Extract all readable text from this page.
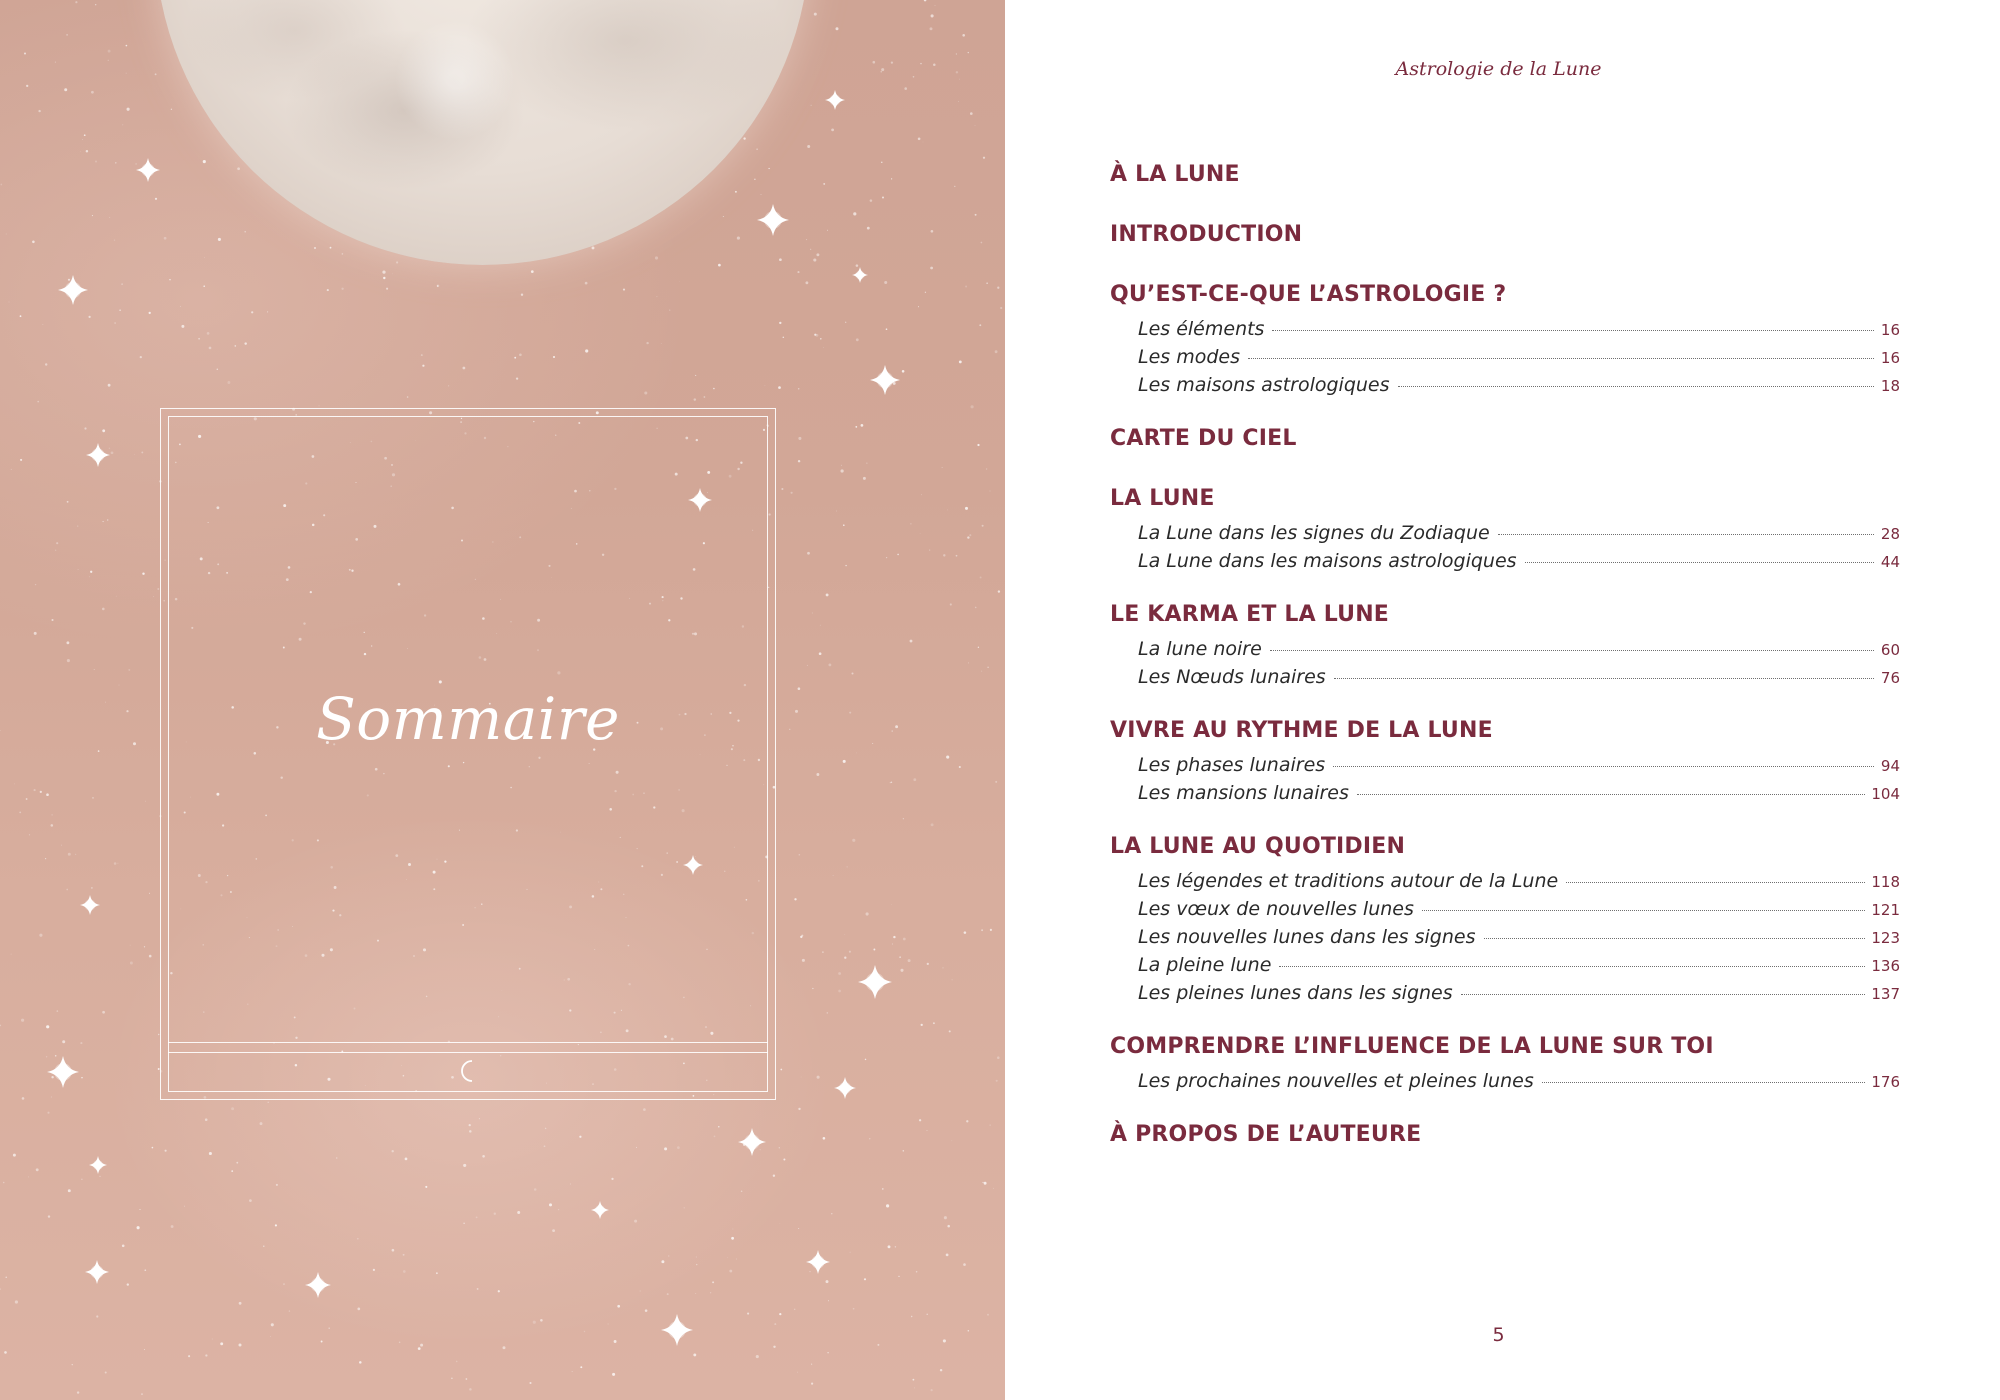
Sommaire
Astrologie de la Lune
À LA LUNE
INTRODUCTION
QU’EST-CE-QUE L’ASTROLOGIE ?
Les éléments	16
Les modes	16
Les maisons astrologiques	18
CARTE DU CIEL
LA LUNE
La Lune dans les signes du Zodiaque	28
La Lune dans les maisons astrologiques	44
LE KARMA ET LA LUNE
La lune noire	60
Les Nœuds lunaires	76
VIVRE AU RYTHME DE LA LUNE
Les phases lunaires	94
Les mansions lunaires	104
LA LUNE AU QUOTIDIEN
Les légendes et traditions autour de la Lune	118
Les vœux de nouvelles lunes	121
Les nouvelles lunes dans les signes	123
La pleine lune	136
Les pleines lunes dans les signes	137
COMPRENDRE L’INFLUENCE DE LA LUNE SUR TOI
Les prochaines nouvelles et pleines lunes	176
À PROPOS DE L’AUTEURE
5
